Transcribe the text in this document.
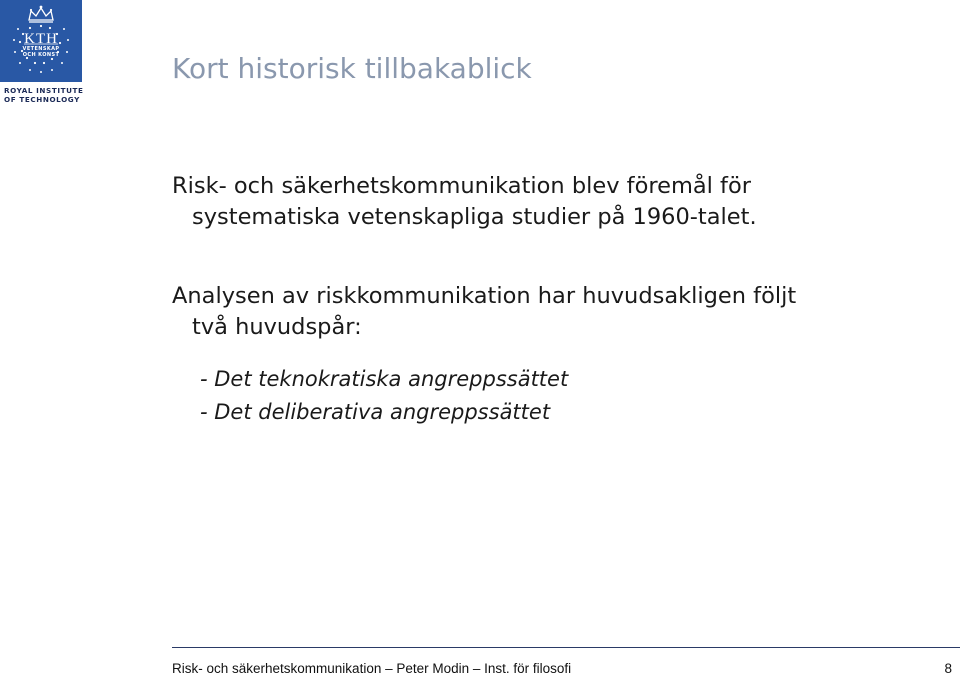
KTH
VETENSKAP
OCH KONST
ROYAL INSTITUTE
OF TECHNOLOGY
Kort historisk tillbakablick

Risk- och säkerhetskommunikation blev föremål för
systematiska vetenskapliga studier på 1960-talet.

Analysen av riskkommunikation har huvudsakligen följt
två huvudspår:

- Det teknokratiska angreppssättet
- Det deliberativa angreppssättet
Risk- och säkerhetskommunikation – Peter Modin – Inst. för filosofi	8
